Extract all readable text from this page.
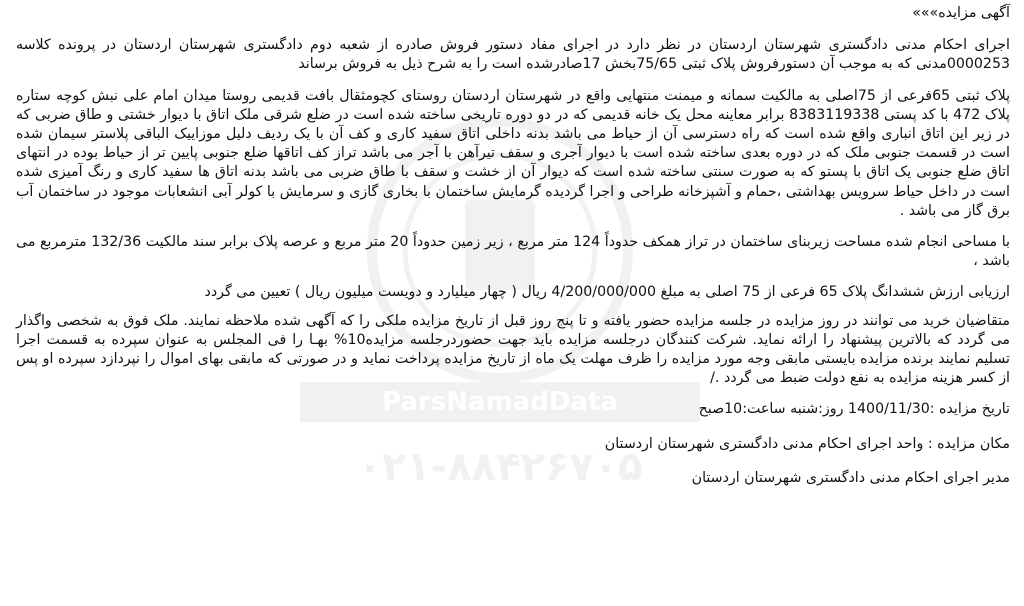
ParsNamadData
۰۲۱-۸۸۴۲۶۷۰۵

آگهی مزایده»»»

اجرای احکام مدنی دادگستری شهرستان اردستان در نظر دارد در اجرای مفاد دستور فروش صادره از شعبه دوم دادگستری شهرستان اردستان در پرونده کلاسه 0000253مدنی که به موجب آن دستورفروش پلاک ثبتی 75/65بخش 17صادرشده است را به شرح ذیل به فروش برساند

پلاک ثبتی 65فرعی از 75اصلی به مالکیت سمانه و میمنت منتهایی واقع در شهرستان اردستان روستای کچومثقال بافت قدیمی روستا میدان امام علی نبش کوچه ستاره پلاک 472 با کد پستی 8383119338 برابر معاینه محل یک خانه قدیمی که در دو دوره تاریخی ساخته شده است در ضلع شرقی ملک اتاق با دیوار خشتی و طاق ضربی که در زیر این اتاق انباری واقع شده است که راه دسترسی آن از حیاط می باشد بدنه داخلی اتاق سفید کاری و کف آن با یک ردیف دلیل موزاییک الباقی پلاستر سیمان شده است در قسمت جنوبی ملک که در دوره بعدی ساخته شده است با دیوار آجری و سقف تیرآهن با آجر می باشد تراز کف اتاقها ضلع جنوبی پایین تر از حیاط بوده در انتهای اتاق ضلع جنوبی یک اتاق با پستو که به صورت سنتی ساخته شده است که دیوار آن از خشت و سقف با طاق ضربی می باشد بدنه اتاق ها سفید کاری و رنگ آمیزی شده است در داخل حیاط سرویس بهداشتی ،حمام و آشپزخانه طراحی و اجرا گردیده گرمایش ساختمان با بخاری گازی و سرمایش با کولر آبی انشعابات موجود در ساختمان آب برق گاز می باشد .

با مساحی انجام شده مساحت زیربنای ساختمان در تراز همکف حدوداً 124 متر مربع ، زیر زمین حدوداً 20 متر مربع و عرصه پلاک برابر سند مالکیت 132/36 مترمربع می باشد ،

ارزیابی ارزش ششدانگ پلاک 65 فرعی از 75 اصلی به مبلغ 4/200/000/000 ریال ( چهار میلیارد و دویست میلیون ریال ) تعیین می گردد

متقاضیان خرید می توانند در روز مزایده در جلسه مزایده حضور یافته و تا پنج روز قبل از تاریخ مزایده ملکی را که آگهی شده ملاحظه نمایند. ملک فوق به شخصی واگذار می گردد که بالاترین پیشنهاد را ارائه نماید. شرکت کنندگان درجلسه مزایده باید جهت حضوردرجلسه مزایده10% بهـا را فی المجلس به عنوان سپرده به قسمت اجرا تسلیم نمایند برنده مزایده بایستی مابقی وجه مورد مزایده را ظرف مهلت یک ماه از تاریخ مزایده پرداخت نماید و در صورتی که مابقی بهای اموال را نپردازد سپرده او پس از کسر هزینه مزایده به نفع دولت ضبط می گردد ./

تاریخ مزایده :1400/11/30 روز:شنبه ساعت:10صبح

مکان مزایده : واحد اجرای احکام مدنی دادگستری شهرستان اردستان

مدیر اجرای احکام مدنی دادگستری شهرستان اردستان
